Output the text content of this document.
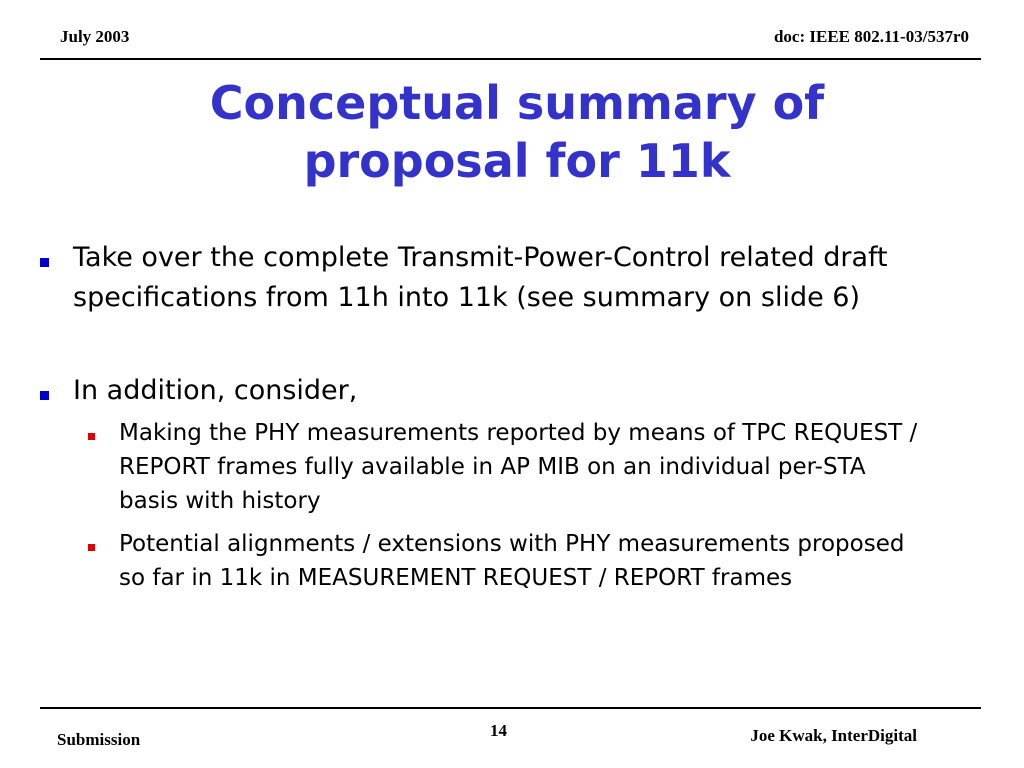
July 2003	doc: IEEE 802.11-03/537r0
Conceptual summary of
proposal for 11k
Take over the complete Transmit-Power-Control related draft specifications from 11h into 11k (see summary on slide 6)
In addition, consider,
Making the PHY measurements reported by means of TPC REQUEST / REPORT frames fully available in AP MIB on an individual per-STA basis with history
Potential alignments / extensions with PHY measurements proposed so far in 11k in MEASUREMENT REQUEST / REPORT frames
Submission	14	Joe Kwak, InterDigital
